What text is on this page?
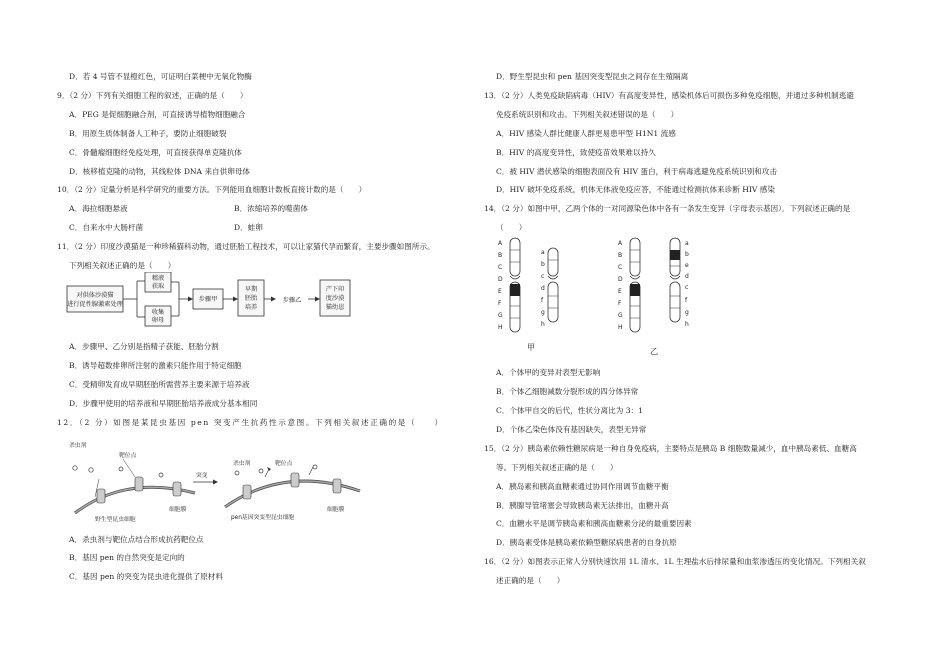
D．若 4 号管不显橙红色，可证明白菜梗中无氧化物酶
9．（2 分）下列有关细胞工程的叙述，正确的是（　　）
A．PEG 是促细胞融合剂，可直接诱导植物细胞融合
B．用原生质体制备人工种子，要防止细胞破裂
C．骨髓瘤细胞经免疫处理，可直接获得单克隆抗体
D．核移植克隆的动物，其线粒体 DNA 来自供卵母体
10．（2 分）定量分析是科学研究的重要方法。下列能用血细胞计数板直接计数的是（　　）
A．海拉细胞悬液	B．浓缩培养的噬菌体
C．自来水中大肠杆菌	D．蛙卵
11．（2 分）印度沙漠猫是一种珍稀猫科动物，通过胚胎工程技术，可以让家猫代孕而繁育，主要步骤如图所示。
下列相关叙述正确的是（　　）
对供体沙漠猫
进行促性腺激素处理
精液
获取
收集
卵母
步骤甲
早期
胚胎
培养
步骤乙
产下印
度沙漠
猫幼崽
A．步骤甲、乙分别是指精子获能、胚胎分割
B．诱导超数排卵所注射的激素只能作用于特定细胞
C．受精卵发育成早期胚胎所需营养主要来源于培养液
D．步骤甲使用的培养液和早期胚胎培养液成分基本相同
12．（2 分）如图是某昆虫基因 pen 突变产生抗药性示意图。下列相关叙述正确的是（　　）
杀虫剂
靶位点
野生型昆虫细胞
细胞膜
突变
杀虫剂	靶位点
pen基因突变型昆虫细胞
细胞膜
A．杀虫剂与靶位点结合形成抗药靶位点
B．基因 pen 的自然突变是定向的
C．基因 pen 的突变为昆虫进化提供了原材料
D．野生型昆虫和 pen 基因突变型昆虫之间存在生殖隔离
13．（2 分）人类免疫缺陷病毒（HIV）有高度变异性，感染机体后可损伤多种免疫细胞，并通过多种机制逃避
免疫系统识别和攻击。下列相关叙述错误的是（　　）
A．HIV 感染人群比健康人群更易患甲型 H1N1 流感
B．HIV 的高度变异性，致使疫苗效果难以持久
C．被 HIV 潜伏感染的细胞表面没有 HIV 蛋白，利于病毒逃避免疫系统识别和攻击
D．HIV 破坏免疫系统，机体无体液免疫应答，不能通过检测抗体来诊断 HIV 感染
14．（2 分）如图中甲，乙两个体的一对同源染色体中各有一条发生变异（字母表示基因）．下列叙述正确的是
（　　）
A
B
C
D
E
F
G
H
a
b
c
d
f
g
h
甲
A
B
C
D
E
F
G
H
a
b
e
d
c
f
g
h
乙
A．个体甲的变异对表型无影响
B．个体乙细胞减数分裂形成的四分体异常
C．个体甲自交的后代，性状分离比为 3：1
D．个体乙染色体没有基因缺失，表型无异常
15．（2 分）胰岛素依赖性糖尿病是一种自身免疫病，主要特点是胰岛 B 细胞数量减少，血中胰岛素低、血糖高
等。下列相关叙述正确的是（　　）
A．胰岛素和胰高血糖素通过协同作用调节血糖平衡
B．胰腺导管堵塞会导致胰岛素无法排出，血糖升高
C．血糖水平是调节胰岛素和胰高血糖素分泌的最重要因素
D．胰岛素受体是胰岛素依赖型糖尿病患者的自身抗原
16．（2 分）如图表示正常人分别快速饮用 1L 清水、1L 生理盐水后排尿量和血浆渗透压的变化情况。下列相关叙
述正确的是（　　）
